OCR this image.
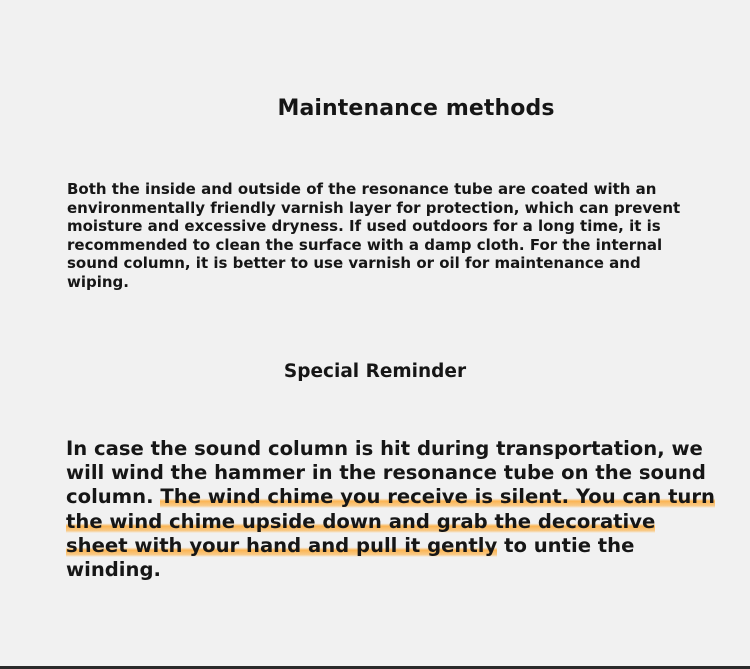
Maintenance methods

Both the inside and outside of the resonance tube are coated with an environmentally friendly varnish layer for protection, which can prevent moisture and excessive dryness. If used outdoors for a long time, it is recommended to clean the surface with a damp cloth. For the internal sound column, it is better to use varnish or oil for maintenance and wiping.

Special Reminder

In case the sound column is hit during transportation, we will wind the hammer in the resonance tube on the sound column. The wind chime you receive is silent. You can turn the wind chime upside down and grab the decorative sheet with your hand and pull it gently to untie the winding.
